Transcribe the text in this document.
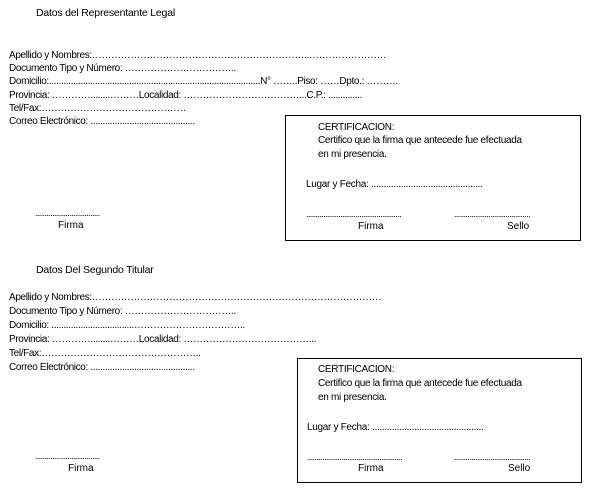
Datos del Representante Legal
Apellido y Nombres:…………………………………………………………..……………………
Documento Tipo y Número: ……………………………..
Domicilio:.......................................................................................N° ……..Piso: ……Dpto.: ……….
Provincia: …………........………Localidad: ………………………………...C.P.: ..............
Tel/Fax:………………………………………
Correo Electrónico: ...........................................
..................................
Firma
CERTIFICACION:
Certifico que la firma que antecede fue efectuada
en mi presencia.
Lugar y Fecha: .............................................
..................................................	........................................
Firma	Sello
Datos Del Segundo Titular
Apellido y Nombres:………………………………………………………………………………
Documento Tipo y Número: ……………………………..
Domicilio: ..................................……………………………..
Provincia: …………........………Localidad: …………………………………...
Tel/Fax:…………………………………………..
Correo Electrónico: ...........................................
..................................
Firma
CERTIFICACION:
Certifico que la firma que antecede fue efectuada
en mi presencia.
Lugar y Fecha: .............................................
..................................................	........................................
Firma	Sello
